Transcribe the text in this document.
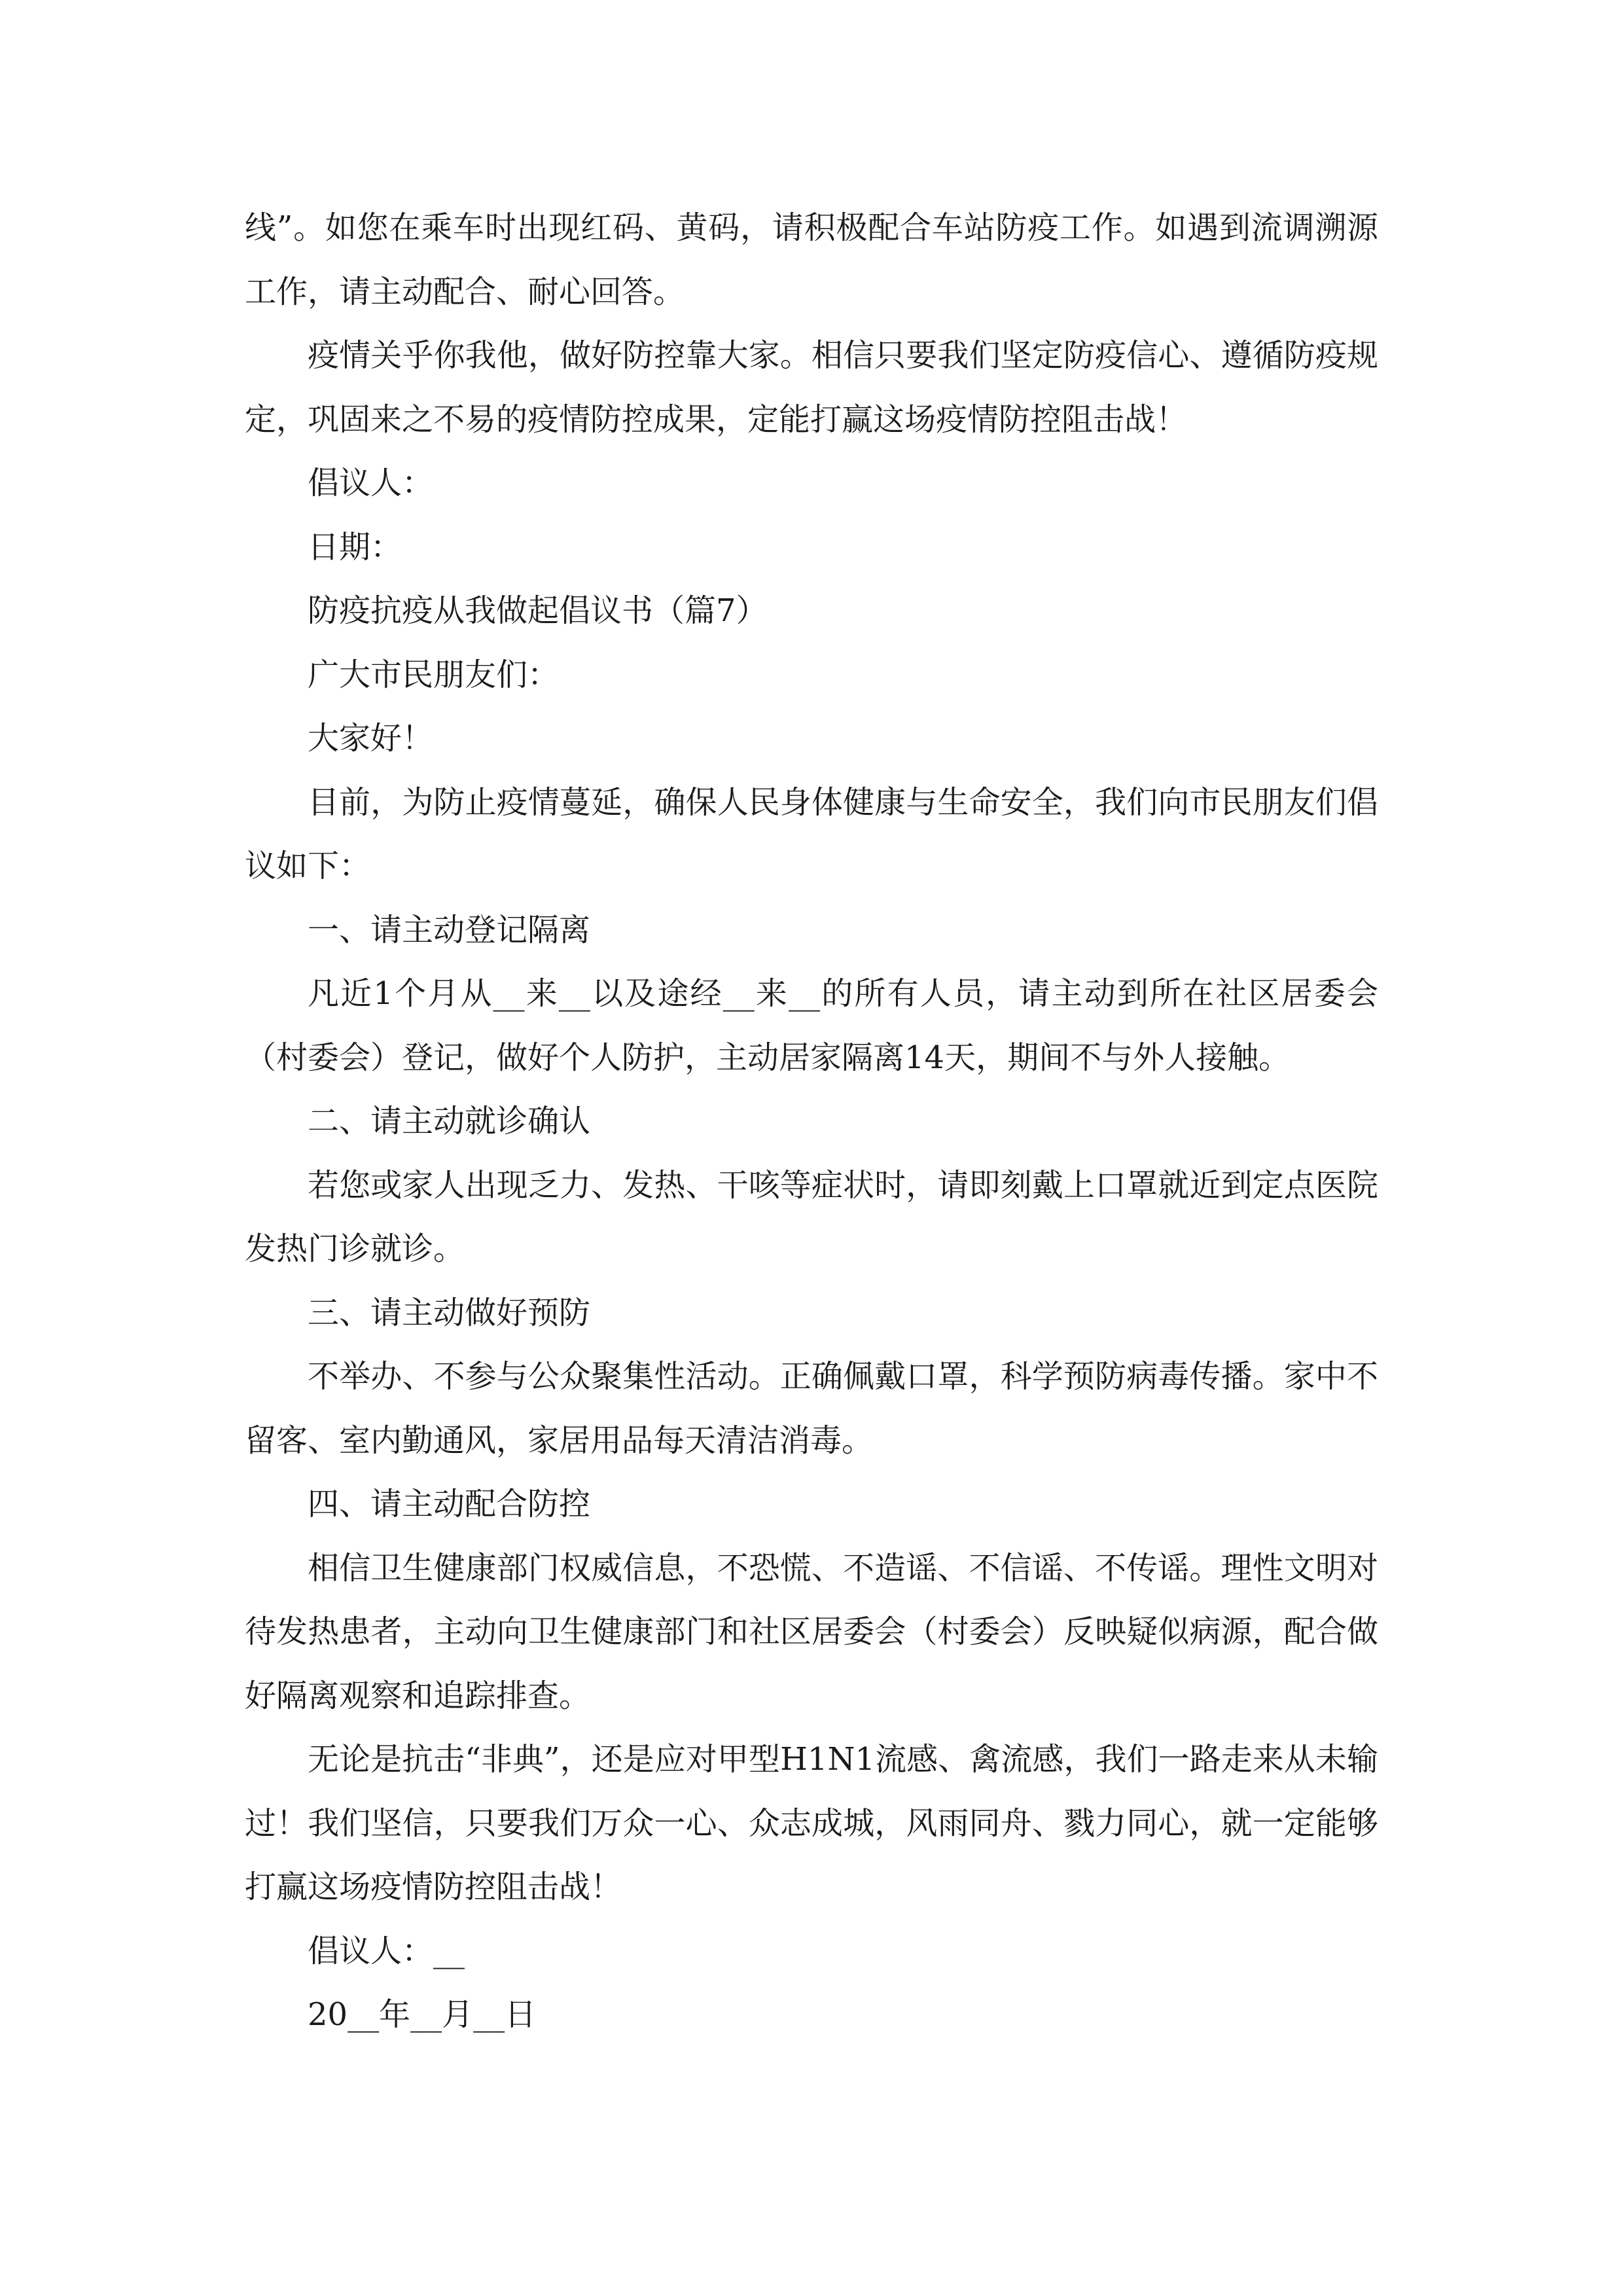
线”。如您在乘车时出现红码、黄码，请积极配合车站防疫工作。如遇到流调溯源工作，请主动配合、耐心回答。

疫情关乎你我他，做好防控靠大家。相信只要我们坚定防疫信心、遵循防疫规定，巩固来之不易的疫情防控成果，定能打赢这场疫情防控阻击战！

倡议人：

日期：

防疫抗疫从我做起倡议书（篇7）

广大市民朋友们：

大家好！

目前，为防止疫情蔓延，确保人民身体健康与生命安全，我们向市民朋友们倡议如下：

一、请主动登记隔离

凡近1个月从__来__以及途经__来__的所有人员，请主动到所在社区居委会（村委会）登记，做好个人防护，主动居家隔离14天，期间不与外人接触。

二、请主动就诊确认

若您或家人出现乏力、发热、干咳等症状时，请即刻戴上口罩就近到定点医院发热门诊就诊。

三、请主动做好预防

不举办、不参与公众聚集性活动。正确佩戴口罩，科学预防病毒传播。家中不留客、室内勤通风，家居用品每天清洁消毒。

四、请主动配合防控

相信卫生健康部门权威信息，不恐慌、不造谣、不信谣、不传谣。理性文明对待发热患者，主动向卫生健康部门和社区居委会（村委会）反映疑似病源，配合做好隔离观察和追踪排查。

无论是抗击“非典”，还是应对甲型H1N1流感、禽流感，我们一路走来从未输过！我们坚信，只要我们万众一心、众志成城，风雨同舟、戮力同心，就一定能够打赢这场疫情防控阻击战！

倡议人：__

20__年__月__日
